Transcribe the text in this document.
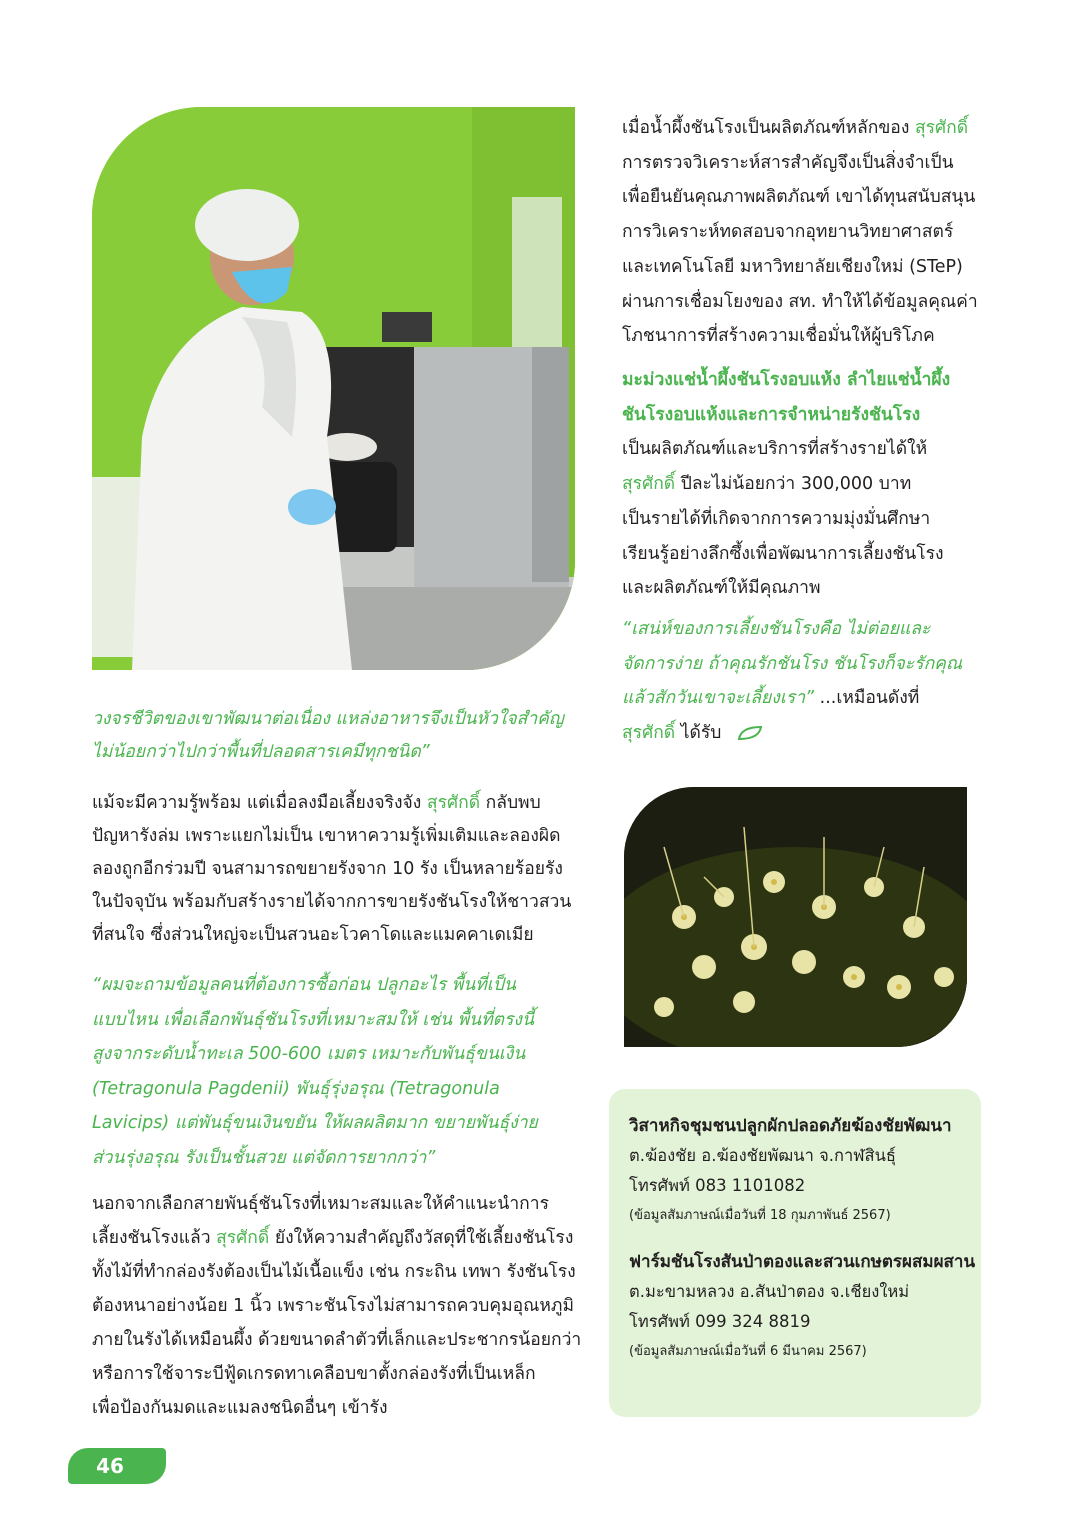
วงจรชีวิตของเขาพัฒนาต่อเนื่อง แหล่งอาหารจึงเป็นหัวใจสำคัญ

ไม่น้อยกว่าไปกว่าพื้นที่ปลอดสารเคมีทุกชนิด”

แม้จะมีความรู้พร้อม แต่เมื่อลงมือเลี้ยงจริงจัง สุรศักดิ์ กลับพบ

ปัญหารังล่ม เพราะแยกไม่เป็น เขาหาความรู้เพิ่มเติมและลองผิด

ลองถูกอีกร่วมปี จนสามารถขยายรังจาก 10 รัง เป็นหลายร้อยรัง

ในปัจจุบัน พร้อมกับสร้างรายได้จากการขายรังชันโรงให้ชาวสวน

ที่สนใจ ซึ่งส่วนใหญ่จะเป็นสวนอะโวคาโดและแมคคาเดเมีย

“ผมจะถามข้อมูลคนที่ต้องการซื้อก่อน ปลูกอะไร พื้นที่เป็น

แบบไหน เพื่อเลือกพันธุ์ชันโรงที่เหมาะสมให้ เช่น พื้นที่ตรงนี้

สูงจากระดับน้ำทะเล 500-600 เมตร เหมาะกับพันธุ์ขนเงิน

(Tetragonula Pagdenii) พันธุ์รุ่งอรุณ (Tetragonula

Lavicips) แต่พันธุ์ขนเงินขยัน ให้ผลผลิตมาก ขยายพันธุ์ง่าย

ส่วนรุ่งอรุณ รังเป็นชั้นสวย แต่จัดการยากกว่า”

นอกจากเลือกสายพันธุ์ชันโรงที่เหมาะสมและให้คำแนะนำการ

เลี้ยงชันโรงแล้ว สุรศักดิ์ ยังให้ความสำคัญถึงวัสดุที่ใช้เลี้ยงชันโรง

ทั้งไม้ที่ทำกล่องรังต้องเป็นไม้เนื้อแข็ง เช่น กระถิน เทพา รังชันโรง

ต้องหนาอย่างน้อย 1 นิ้ว เพราะชันโรงไม่สามารถควบคุมอุณหภูมิ

ภายในรังได้เหมือนผึ้ง ด้วยขนาดลำตัวที่เล็กและประชากรน้อยกว่า

หรือการใช้จาระบีฟู้ดเกรดทาเคลือบขาตั้งกล่องรังที่เป็นเหล็ก

เพื่อป้องกันมดและแมลงชนิดอื่นๆ เข้ารัง

เมื่อน้ำผึ้งชันโรงเป็นผลิตภัณฑ์หลักของ สุรศักดิ์

การตรวจวิเคราะห์สารสำคัญจึงเป็นสิ่งจำเป็น

เพื่อยืนยันคุณภาพผลิตภัณฑ์ เขาได้ทุนสนับสนุน

การวิเคราะห์ทดสอบจากอุทยานวิทยาศาสตร์

และเทคโนโลยี มหาวิทยาลัยเชียงใหม่ (STeP)

ผ่านการเชื่อมโยงของ สท. ทำให้ได้ข้อมูลคุณค่า

โภชนาการที่สร้างความเชื่อมั่นให้ผู้บริโภค

มะม่วงแช่น้ำผึ้งชันโรงอบแห้ง ลำไยแช่น้ำผึ้ง

ชันโรงอบแห้งและการจำหน่ายรังชันโรง

เป็นผลิตภัณฑ์และบริการที่สร้างรายได้ให้

สุรศักดิ์ ปีละไม่น้อยกว่า 300,000 บาท

เป็นรายได้ที่เกิดจากการความมุ่งมั่นศึกษา

เรียนรู้อย่างลึกซึ้งเพื่อพัฒนาการเลี้ยงชันโรง

และผลิตภัณฑ์ให้มีคุณภาพ

“เสน่ห์ของการเลี้ยงชันโรงคือ ไม่ต่อยและ

จัดการง่าย ถ้าคุณรักชันโรง ชันโรงก็จะรักคุณ

แล้วสักวันเขาจะเลี้ยงเรา” ...เหมือนดังที่

สุรศักดิ์ ได้รับ

วิสาหกิจชุมชนปลูกผักปลอดภัยฆ้องชัยพัฒนา

ต.ฆ้องชัย อ.ฆ้องชัยพัฒนา จ.กาฬสินธุ์

โทรศัพท์ 083 1101082

(ข้อมูลสัมภาษณ์เมื่อวันที่ 18 กุมภาพันธ์ 2567)

ฟาร์มชันโรงสันป่าตองและสวนเกษตรผสมผสาน

ต.มะขามหลวง อ.สันป่าตอง จ.เชียงใหม่

โทรศัพท์ 099 324 8819

(ข้อมูลสัมภาษณ์เมื่อวันที่ 6 มีนาคม 2567)

46
